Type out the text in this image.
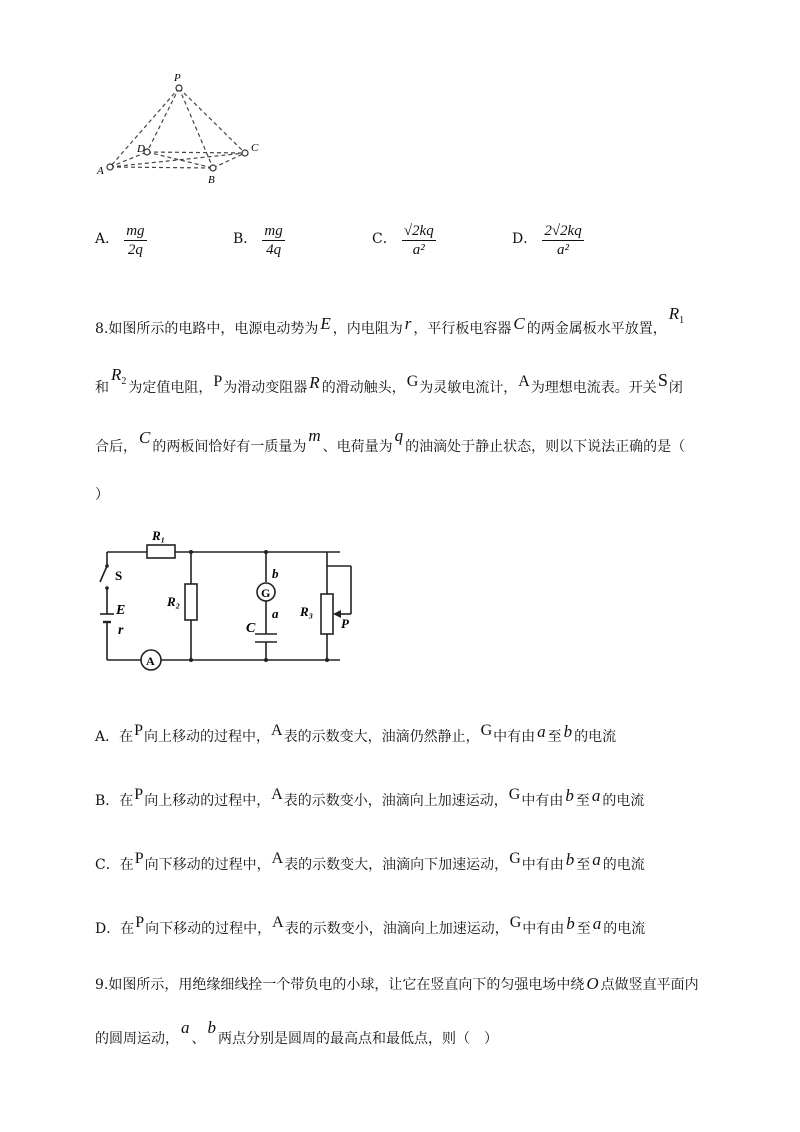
P
D	C
A
B
A． $\frac{mg}{2q}$	B． $\frac{mg}{4q}$	C． $\frac{√2kq}{\text{a²}}$	D． $\frac{2√2kq}{\text{a²}}$
8.如图所示的电路中，电源电动势为 E ，内电阻为 r ，平行板电容器 C 的两金属板水平放置，$R_1$
和$R_2$ 为定值电阻，P为滑动变阻器 R 的滑动触头，G为灵敏电流计，A为理想电流表。开关S闭
合后， C 的两板间恰好有一质量为m、电荷量为q的油滴处于静止状态，则以下说法正确的是（
）
R₁
S
E
r
R₂
b
G
a
C
R₃
P
A
A．在P向上移动的过程中，A表的示数变大，油滴仍然静止，G中有由 a 至 b 的电流
B．在P向上移动的过程中，A表的示数变小，油滴向上加速运动，G中有由 b 至 a 的电流
C．在P向下移动的过程中，A表的示数变大，油滴向下加速运动，G中有由 b 至 a 的电流
D．在P向下移动的过程中，A表的示数变小，油滴向上加速运动，G中有由 b 至 a 的电流
9.如图所示，用绝缘细线拴一个带负电的小球，让它在竖直向下的匀强电场中绕 O 点做竖直平面内
的圆周运动，a、b两点分别是圆周的最高点和最低点，则（　）
